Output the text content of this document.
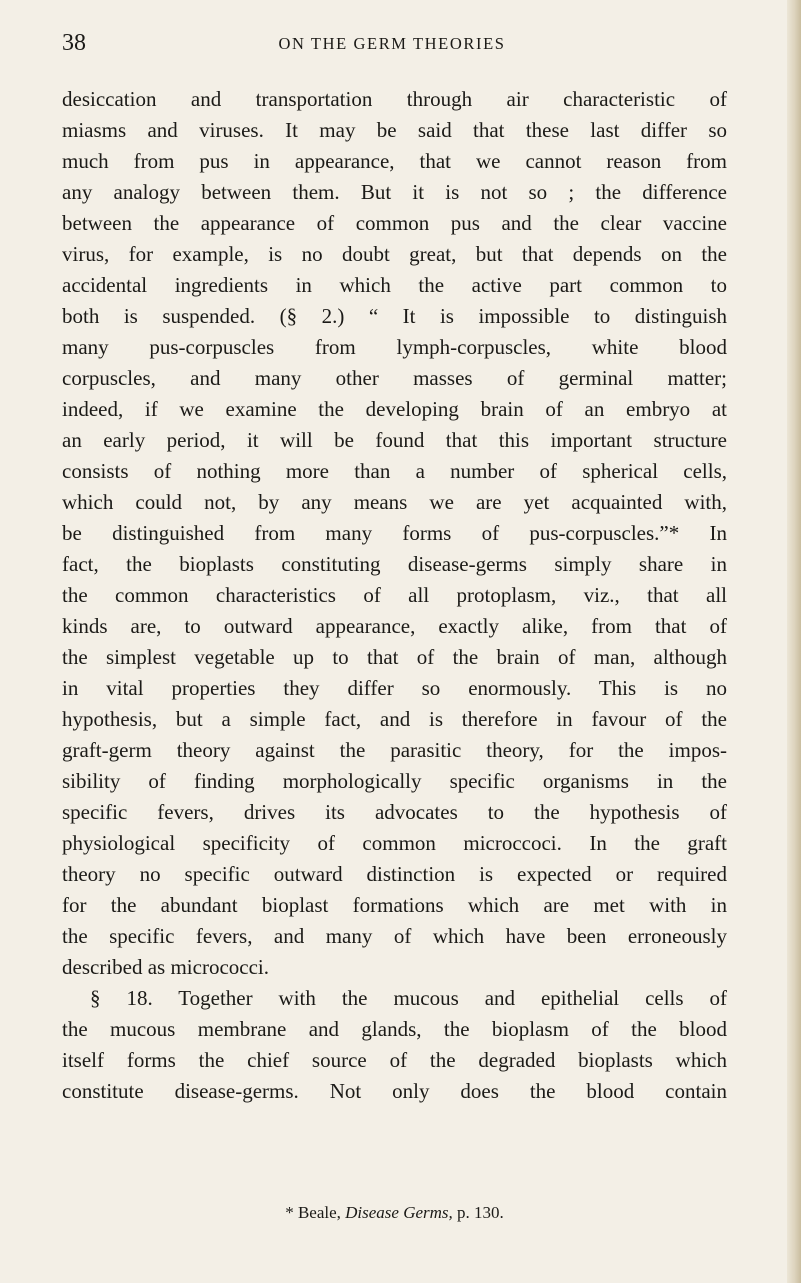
38	ON THE GERM THEORIES
desiccation and transportation through air characteristic of
miasms and viruses. It may be said that these last differ so
much from pus in appearance, that we cannot reason from
any analogy between them. But it is not so ; the difference
between the appearance of common pus and the clear vaccine
virus, for example, is no doubt great, but that depends on the
accidental ingredients in which the active part common to
both is suspended. (§ 2.) “ It is impossible to distinguish
many pus-corpuscles from lymph-corpuscles, white blood
corpuscles, and many other masses of germinal matter;
indeed, if we examine the developing brain of an embryo at
an early period, it will be found that this important structure
consists of nothing more than a number of spherical cells,
which could not, by any means we are yet acquainted with,
be distinguished from many forms of pus-corpuscles.”* In
fact, the bioplasts constituting disease-germs simply share in
the common characteristics of all protoplasm, viz., that all
kinds are, to outward appearance, exactly alike, from that of
the simplest vegetable up to that of the brain of man, although
in vital properties they differ so enormously. This is no
hypothesis, but a simple fact, and is therefore in favour of the
graft-germ theory against the parasitic theory, for the impos-
sibility of finding morphologically specific organisms in the
specific fevers, drives its advocates to the hypothesis of
physiological specificity of common microccoci. In the graft
theory no specific outward distinction is expected or required
for the abundant bioplast formations which are met with in
the specific fevers, and many of which have been erroneously
described as micrococci.
§ 18. Together with the mucous and epithelial cells of
the mucous membrane and glands, the bioplasm of the blood
itself forms the chief source of the degraded bioplasts which
constitute disease-germs. Not only does the blood contain
* Beale, Disease Germs, p. 130.
